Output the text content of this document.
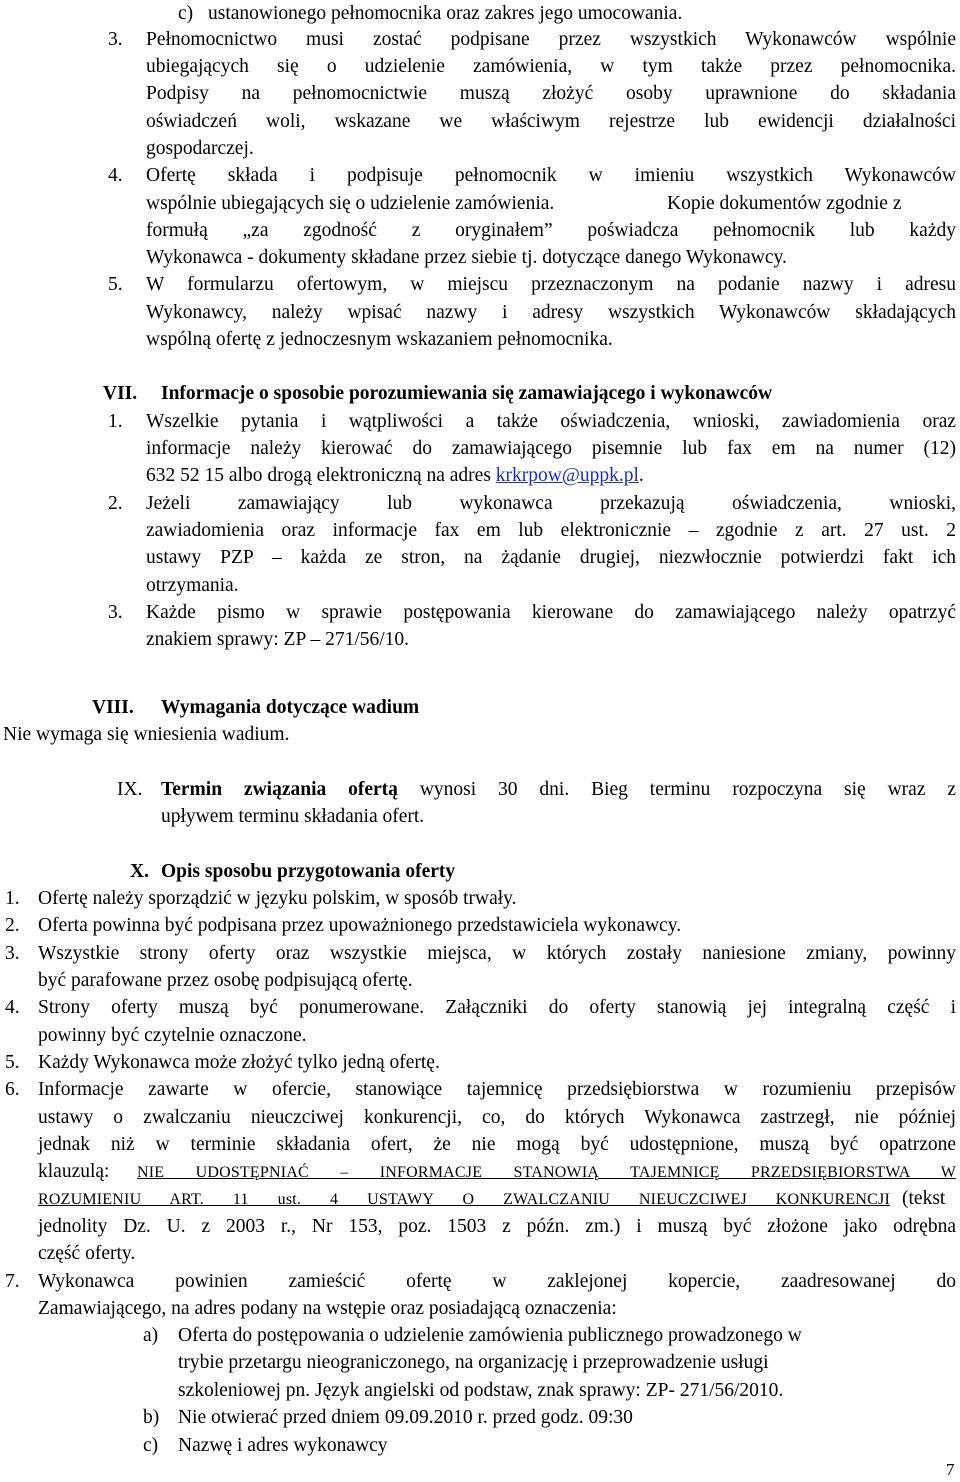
c) ustanowionego pełnomocnika oraz zakres jego umocowania.
3. Pełnomocnictwo musi zostać podpisane przez wszystkich Wykonawców wspólnie
ubiegających się o udzielenie zamówienia, w tym także przez pełnomocnika.
Podpisy na pełnomocnictwie muszą złożyć osoby uprawnione do składania
oświadczeń woli, wskazane we właściwym rejestrze lub ewidencji działalności
gospodarczej.
4. Ofertę składa i podpisuje pełnomocnik w imieniu wszystkich Wykonawców
wspólnie ubiegających się o udzielenie zamówienia.	Kopie dokumentów zgodnie z
formułą „za zgodność z oryginałem” poświadcza pełnomocnik lub każdy
Wykonawca - dokumenty składane przez siebie tj. dotyczące danego Wykonawcy.
5. W formularzu ofertowym, w miejscu przeznaczonym na podanie nazwy i adresu
Wykonawcy, należy wpisać nazwy i adresy wszystkich Wykonawców składających
wspólną ofertę z jednoczesnym wskazaniem pełnomocnika.
VII. Informacje o sposobie porozumiewania się zamawiającego i wykonawców
1. Wszelkie pytania i wątpliwości a także oświadczenia, wnioski, zawiadomienia oraz
informacje należy kierować do zamawiającego pisemnie lub fax em na numer (12)
632 52 15 albo drogą elektroniczną na adres krkrpow@uppk.pl.
2. Jeżeli zamawiający lub wykonawca przekazują oświadczenia, wnioski,
zawiadomienia oraz informacje fax em lub elektronicznie – zgodnie z art. 27 ust. 2
ustawy PZP – każda ze stron, na żądanie drugiej, niezwłocznie potwierdzi fakt ich
otrzymania.
3. Każde pismo w sprawie postępowania kierowane do zamawiającego należy opatrzyć
znakiem sprawy: ZP – 271/56/10.
VIII. Wymagania dotyczące wadium
Nie wymaga się wniesienia wadium.
IX. Termin związania ofertą wynosi 30 dni. Bieg terminu rozpoczyna się wraz z
upływem terminu składania ofert.
X. Opis sposobu przygotowania oferty
1. Ofertę należy sporządzić w języku polskim, w sposób trwały.
2. Oferta powinna być podpisana przez upoważnionego przedstawiciela wykonawcy.
3. Wszystkie strony oferty oraz wszystkie miejsca, w których zostały naniesione zmiany, powinny
być parafowane przez osobę podpisującą ofertę.
4. Strony oferty muszą być ponumerowane. Załączniki do oferty stanowią jej integralną część i
powinny być czytelnie oznaczone.
5. Każdy Wykonawca może złożyć tylko jedną ofertę.
6. Informacje zawarte w ofercie, stanowiące tajemnicę przedsiębiorstwa w rozumieniu przepisów
ustawy o zwalczaniu nieuczciwej konkurencji, co, do których Wykonawca zastrzegł, nie później
jednak niż w terminie składania ofert, że nie mogą być udostępnione, muszą być opatrzone
klauzulą: NIE UDOSTĘPNIAĆ – INFORMACJE STANOWIĄ TAJEMNICĘ PRZEDSIĘBIORSTWA W
ROZUMIENIU ART. 11 ust. 4 USTAWY O ZWALCZANIU NIEUCZCIWEJ KONKURENCJI (tekst
jednolity Dz. U. z 2003 r., Nr 153, poz. 1503 z późn. zm.) i muszą być złożone jako odrębna
część oferty.
7. Wykonawca powinien zamieścić ofertę w zaklejonej kopercie, zaadresowanej do
Zamawiającego, na adres podany na wstępie oraz posiadającą oznaczenia:
a) Oferta do postępowania o udzielenie zamówienia publicznego prowadzonego w
trybie przetargu nieograniczonego, na organizację i przeprowadzenie usługi
szkoleniowej pn. Język angielski od podstaw, znak sprawy: ZP- 271/56/2010.
b) Nie otwierać przed dniem 09.09.2010 r. przed godz. 09:30
c) Nazwę i adres wykonawcy
7
